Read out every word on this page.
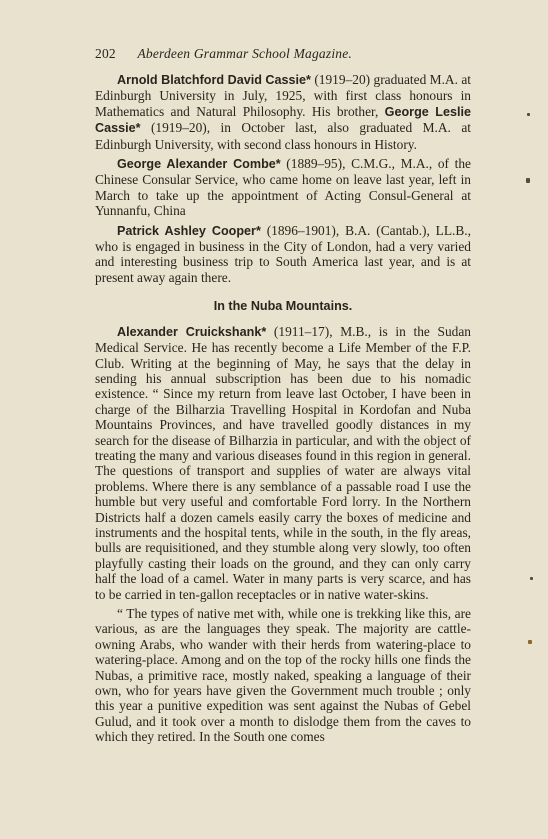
202 Aberdeen Grammar School Magazine.

Arnold Blatchford David Cassie* (1919–20) graduated M.A. at Edinburgh University in July, 1925, with first class honours in Mathematics and Natural Philosophy. His brother, George Leslie Cassie* (1919–20), in October last, also graduated M.A. at Edinburgh University, with second class honours in History.

George Alexander Combe* (1889–95), C.M.G., M.A., of the Chinese Consular Service, who came home on leave last year, left in March to take up the appointment of Acting Consul-General at Yunnanfu, China

Patrick Ashley Cooper* (1896–1901), B.A. (Cantab.), LL.B., who is engaged in business in the City of London, had a very varied and interesting business trip to South America last year, and is at present away again there.

In the Nuba Mountains.

Alexander Cruickshank* (1911–17), M.B., is in the Sudan Medical Service. He has recently become a Life Member of the F.P. Club. Writing at the beginning of May, he says that the delay in sending his annual subscription has been due to his nomadic existence. “ Since my return from leave last October, I have been in charge of the Bilharzia Travelling Hospital in Kordofan and Nuba Mountains Provinces, and have travelled goodly distances in my search for the disease of Bilharzia in particular, and with the object of treating the many and various diseases found in this region in general. The questions of transport and supplies of water are always vital problems. Where there is any semblance of a passable road I use the humble but very useful and comfortable Ford lorry. In the Northern Districts half a dozen camels easily carry the boxes of medicine and instruments and the hospital tents, while in the south, in the fly areas, bulls are requisitioned, and they stumble along very slowly, too often playfully casting their loads on the ground, and they can only carry half the load of a camel. Water in many parts is very scarce, and has to be carried in ten-gallon receptacles or in native water-skins.

“ The types of native met with, while one is trekking like this, are various, as are the languages they speak. The majority are cattle-owning Arabs, who wander with their herds from watering-place to watering-place. Among and on the top of the rocky hills one finds the Nubas, a primitive race, mostly naked, speaking a language of their own, who for years have given the Government much trouble ; only this year a punitive expedition was sent against the Nubas of Gebel Gulud, and it took over a month to dislodge them from the caves to which they retired. In the South one comes
